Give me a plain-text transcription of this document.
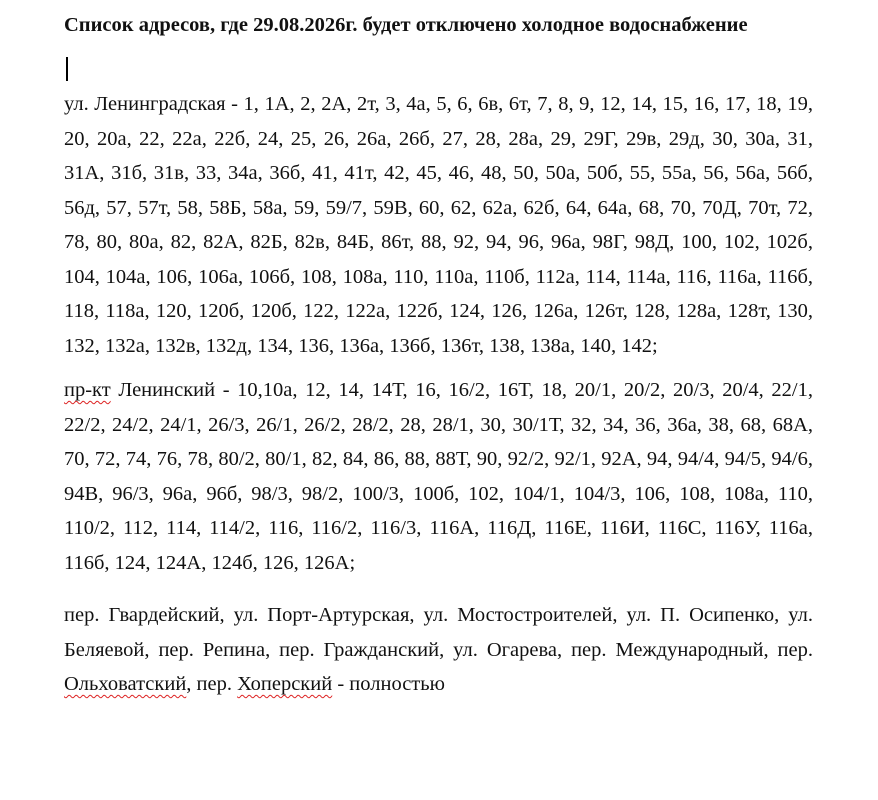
Список адресов, где 29.08.2026г. будет отключено холодное водоснабжение

ул. Ленинградская - 1, 1А, 2, 2А, 2т, 3, 4а, 5, 6, 6в, 6т, 7, 8, 9, 12, 14, 15, 16, 17, 18, 19, 20, 20а, 22, 22а, 22б, 24, 25, 26, 26а, 26б, 27, 28, 28а, 29, 29Г, 29в, 29д, 30, 30а, 31, 31А, 31б, 31в, 33, 34а, 36б, 41, 41т, 42, 45, 46, 48, 50, 50а, 50б, 55, 55а, 56, 56а, 56б, 56д, 57, 57т, 58, 58Б, 58а, 59, 59/7, 59В, 60, 62, 62а, 62б, 64, 64а, 68, 70, 70Д, 70т, 72, 78, 80, 80а, 82, 82А, 82Б, 82в, 84Б, 86т, 88, 92, 94, 96, 96а, 98Г, 98Д, 100, 102, 102б, 104, 104а, 106, 106а, 106б, 108, 108а, 110, 110а, 110б, 112а, 114, 114а, 116, 116а, 116б, 118, 118а, 120, 120б, 120б, 122, 122а, 122б, 124, 126, 126а, 126т, 128, 128а, 128т, 130, 132, 132а, 132в, 132д, 134, 136, 136а, 136б, 136т, 138, 138а, 140, 142;

пр-кт Ленинский - 10,10а, 12, 14, 14Т, 16, 16/2, 16Т, 18, 20/1, 20/2, 20/3, 20/4, 22/1, 22/2, 24/2, 24/1, 26/3, 26/1, 26/2, 28/2, 28, 28/1, 30, 30/1Т, 32, 34, 36, 36а, 38, 68, 68А, 70, 72, 74, 76, 78, 80/2, 80/1, 82, 84, 86, 88, 88Т, 90, 92/2, 92/1, 92А, 94, 94/4, 94/5, 94/6, 94В, 96/3, 96а, 96б, 98/3, 98/2, 100/3, 100б, 102, 104/1, 104/3, 106, 108, 108а, 110, 110/2, 112, 114, 114/2, 116, 116/2, 116/3, 116А, 116Д, 116Е, 116И, 116С, 116У, 116а, 116б, 124, 124А, 124б, 126, 126А;

пер. Гвардейский, ул. Порт-Артурская, ул. Мостостроителей, ул. П. Осипенко, ул. Беляевой, пер. Репина, пер. Гражданский, ул. Огарева, пер. Международный, пер. Ольховатский, пер. Хоперский - полностью
